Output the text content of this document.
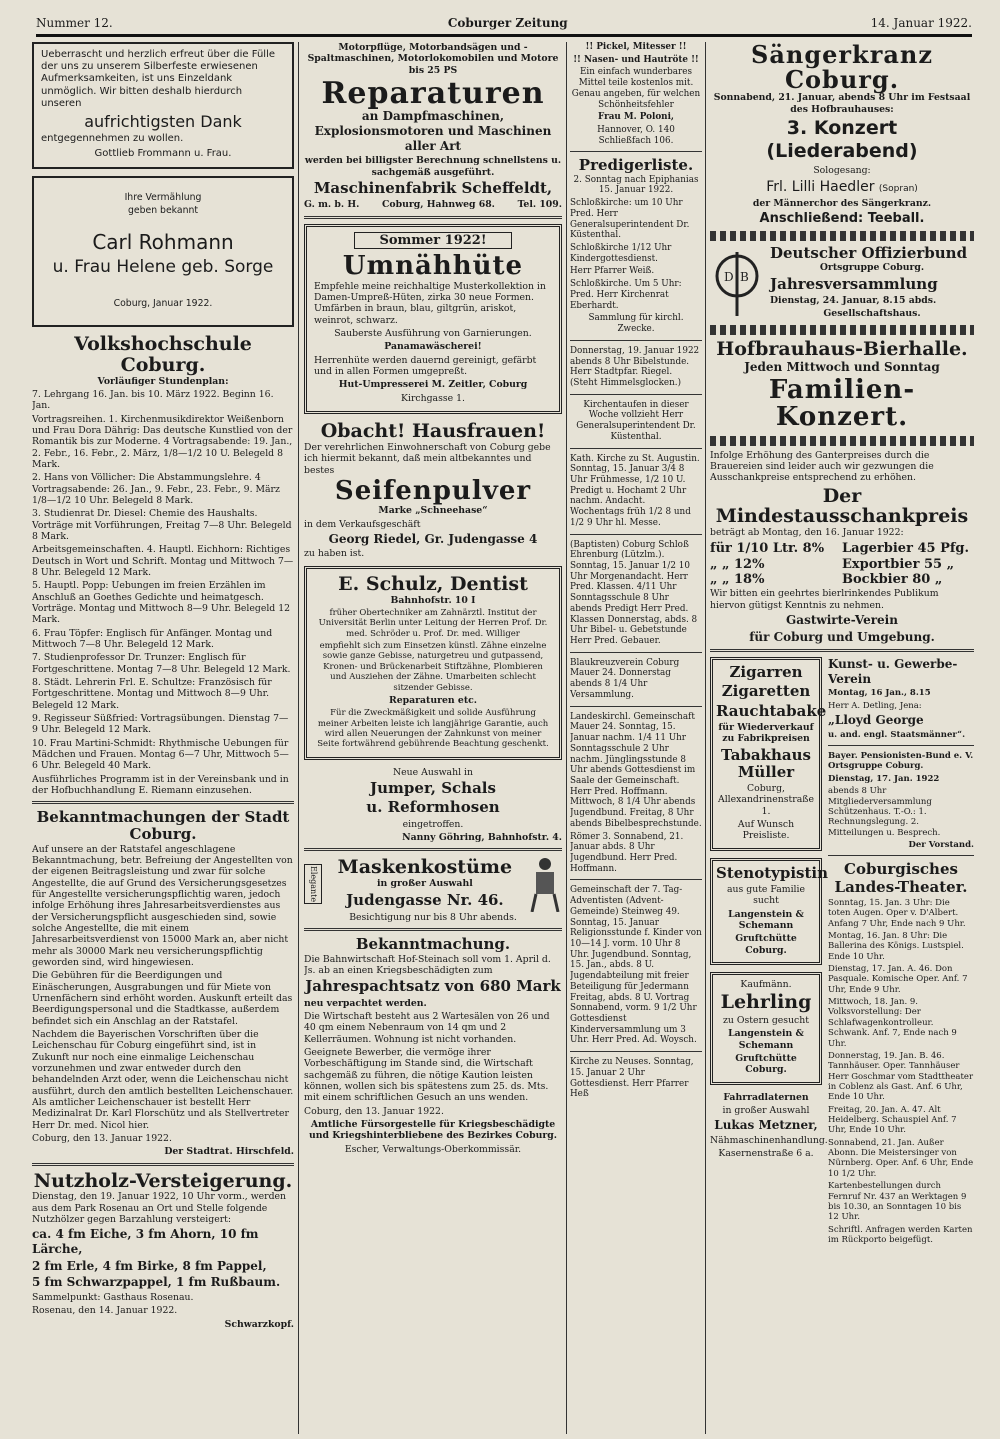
Nummer 12.	Coburger Zeitung	14. Januar 1922.

Ueberrascht und herzlich erfreut über die Fülle der uns zu unserem Silberfeste erwiesenen Aufmerksamkeiten, ist uns Einzeldank unmöglich. Wir bitten deshalb hierdurch unseren

aufrichtigsten Dank

entgegennehmen zu wollen.

Gottlieb Frommann u. Frau.

Ihre Vermählung

geben bekannt

Carl Rohmann

u. Frau Helene geb. Sorge

Coburg, Januar 1922.

Volkshochschule Coburg.

Vorläufiger Stundenplan:

7. Lehrgang 16. Jan. bis 10. März 1922. Beginn 16. Jan.

Vortragsreihen. 1. Kirchenmusikdirektor Weißenborn und Frau Dora Dährig: Das deutsche Kunstlied von der Romantik bis zur Moderne. 4 Vortragsabende: 19. Jan., 2. Febr., 16. Febr., 2. März, 1/8—1/2 10 U. Belegeld 8 Mark.

2. Hans von Völlicher: Die Abstammungslehre. 4 Vortragsabende: 26. Jan., 9. Febr., 23. Febr., 9. März 1/8—1/2 10 Uhr. Belegeld 8 Mark.

3. Studienrat Dr. Diesel: Chemie des Haushalts. Vorträge mit Vorführungen, Freitag 7—8 Uhr. Belegeld 8 Mark.

Arbeitsgemeinschaften. 4. Hauptl. Eichhorn: Richtiges Deutsch in Wort und Schrift. Montag und Mittwoch 7—8 Uhr. Belegeld 12 Mark.

5. Hauptl. Popp: Uebungen im freien Erzählen im Anschluß an Goethes Gedichte und heimatgesch. Vorträge. Montag und Mittwoch 8—9 Uhr. Belegeld 12 Mark.

6. Frau Töpfer: Englisch für Anfänger. Montag und Mittwoch 7—8 Uhr. Belegeld 12 Mark.

7. Studienprofessor Dr. Trunzer: Englisch für Fortgeschrittene. Montag 7—8 Uhr. Belegeld 12 Mark.

8. Städt. Lehrerin Frl. E. Schultze: Französisch für Fortgeschrittene. Montag und Mittwoch 8—9 Uhr. Belegeld 12 Mark.

9. Regisseur Süßfried: Vortragsübungen. Dienstag 7—9 Uhr. Belegeld 12 Mark.

10. Frau Martini-Schmidt: Rhythmische Uebungen für Mädchen und Frauen. Montag 6—7 Uhr, Mittwoch 5—6 Uhr. Belegeld 40 Mark.

Ausführliches Programm ist in der Vereinsbank und in der Hofbuchhandlung E. Riemann einzusehen.

Bekanntmachungen der Stadt Coburg.

Auf unsere an der Ratstafel angeschlagene Bekanntmachung, betr. Befreiung der Angestellten von der eigenen Beitragsleistung und zwar für solche Angestellte, die auf Grund des Versicherungsgesetzes für Angestellte versicherungspflichtig waren, jedoch infolge Erhöhung ihres Jahresarbeitsverdienstes aus der Versicherungspflicht ausgeschieden sind, sowie solche Angestellte, die mit einem Jahresarbeitsverdienst von 15000 Mark an, aber nicht mehr als 30000 Mark neu versicherungspflichtig geworden sind, wird hingewiesen.

Die Gebühren für die Beerdigungen und Einäscherungen, Ausgrabungen und für Miete von Urnenfächern sind erhöht worden. Auskunft erteilt das Beerdigungspersonal und die Stadtkasse, außerdem befindet sich ein Anschlag an der Ratstafel.

Nachdem die Bayerischen Vorschriften über die Leichenschau für Coburg eingeführt sind, ist in Zukunft nur noch eine einmalige Leichenschau vorzunehmen und zwar entweder durch den behandelnden Arzt oder, wenn die Leichenschau nicht ausführt, durch den amtlich bestellten Leichenschauer. Als amtlicher Leichenschauer ist bestellt Herr Medizinalrat Dr. Karl Florschütz und als Stellvertreter Herr Dr. med. Nicol hier.

Coburg, den 13. Januar 1922.

Der Stadtrat. Hirschfeld.

Nutzholz-Versteigerung.

Dienstag, den 19. Januar 1922, 10 Uhr vorm., werden aus dem Park Rosenau an Ort und Stelle folgende Nutzhölzer gegen Barzahlung versteigert:

ca. 4 fm Eiche, 3 fm Ahorn, 10 fm Lärche,

2 fm Erle, 4 fm Birke, 8 fm Pappel,

5 fm Schwarzpappel, 1 fm Rußbaum.

Sammelpunkt: Gasthaus Rosenau.

Rosenau, den 14. Januar 1922.

Schwarzkopf.

Motorpflüge, Motorbandsägen und -Spaltmaschinen, Motorlokomobilen und Motore bis 25 PS

Reparaturen

an Dampfmaschinen, Explosionsmotoren und Maschinen aller Art

werden bei billigster Berechnung schnellstens u. sachgemäß ausgeführt.

Maschinenfabrik Scheffeldt,

G. m. b. H. Coburg, Hahnweg 68. Tel. 109.

Sommer 1922!

Umnähhüte

Empfehle meine reichhaltige Musterkollektion in Damen-Umpreß-Hüten, zirka 30 neue Formen. Umfärben in braun, blau, giltgrün, ariskot, weinrot, schwarz.

Sauberste Ausführung von Garnierungen.

Panamawäscherei!

Herrenhüte werden dauernd gereinigt, gefärbt und in allen Formen umgepreßt.

Hut-Umpresserei M. Zeitler, Coburg

Kirchgasse 1.

Obacht! Hausfrauen!

Der verehrlichen Einwohnerschaft von Coburg gebe ich hiermit bekannt, daß mein altbekanntes und bestes

Seifenpulver

Marke „Schneehase“

in dem Verkaufsgeschäft

Georg Riedel, Gr. Judengasse 4

zu haben ist.

E. Schulz, Dentist

Bahnhofstr. 10 I

früher Obertechniker am Zahnärztl. Institut der Universität Berlin unter Leitung der Herren Prof. Dr. med. Schröder u. Prof. Dr. med. Williger

empfiehlt sich zum Einsetzen künstl. Zähne einzelne sowie ganze Gebisse, naturgetreu und gutpassend, Kronen- und Brückenarbeit Stiftzähne, Plombieren und Ausziehen der Zähne. Umarbeiten schlecht sitzender Gebisse.

Reparaturen etc.

Für die Zweckmäßigkeit und solide Ausführung meiner Arbeiten leiste ich langjährige Garantie, auch wird allen Neuerungen der Zahnkunst von meiner Seite fortwährend gebührende Beachtung geschenkt.

Neue Auswahl in

Jumper, Schals

u. Reformhosen

eingetroffen.

Nanny Göhring, Bahnhofstr. 4.

Elegante	Maskenkostüme

in großer Auswahl

Judengasse Nr. 46.

Besichtigung nur bis 8 Uhr abends.

Bekanntmachung.

Die Bahnwirtschaft Hof-Steinach soll vom 1. April d. Js. ab an einen Kriegsbeschädigten zum

Jahrespachtsatz von 680 Mark

neu verpachtet werden.

Die Wirtschaft besteht aus 2 Wartesälen von 26 und 40 qm einem Nebenraum von 14 qm und 2 Kellerräumen. Wohnung ist nicht vorhanden.

Geeignete Bewerber, die vermöge ihrer Vorbeschäftigung im Stande sind, die Wirtschaft sachgemäß zu führen, die nötige Kaution leisten können, wollen sich bis spätestens zum 25. ds. Mts. mit einem schriftlichen Gesuch an uns wenden.

Coburg, den 13. Januar 1922.

Amtliche Fürsorgestelle für Kriegsbeschädigte und Kriegshinterbliebene des Bezirkes Coburg.

Escher, Verwaltungs-Oberkommissär.

!! Pickel, Mitesser !!

!! Nasen- und Hautröte !!

Ein einfach wunderbares Mittel teile kostenlos mit. Genau angeben, für welchen Schönheitsfehler

Frau M. Poloni,

Hannover, O. 140 Schließfach 106.

Predigerliste.

2. Sonntag nach Epiphanias 15. Januar 1922.

Schloßkirche: um 10 Uhr Pred. Herr Generalsuperintendent Dr. Küstenthal.

Schloßkirche 1/12 Uhr Kindergottesdienst.

Herr Pfarrer Weiß.

Schloßkirche. Um 5 Uhr: Pred. Herr Kirchenrat Eberhardt.

Sammlung für kirchl. Zwecke.

Donnerstag, 19. Januar 1922 abends 8 Uhr Bibelstunde. Herr Stadtpfar. Riegel. (Steht Himmelsglocken.)

Kirchentaufen in dieser Woche vollzieht Herr Generalsuperintendent Dr. Küstenthal.

Kath. Kirche zu St. Augustin. Sonntag, 15. Januar 3/4 8 Uhr Frühmesse, 1/2 10 U. Predigt u. Hochamt 2 Uhr nachm. Andacht. Wochentags früh 1/2 8 und 1/2 9 Uhr hl. Messe.

(Baptisten) Coburg Schloß Ehrenburg (Lützlm.). Sonntag, 15. Januar 1/2 10 Uhr Morgenandacht. Herr Pred. Klassen. 4/11 Uhr Sonntagsschule 8 Uhr abends Predigt Herr Pred. Klassen Donnerstag, abds. 8 Uhr Bibel- u. Gebetstunde Herr Pred. Gebauer.

Blaukreuzverein Coburg Mauer 24. Donnerstag abends 8 1/4 Uhr Versammlung.

Landeskirchl. Gemeinschaft Mauer 24. Sonntag, 15. Januar nachm. 1/4 11 Uhr Sonntagsschule 2 Uhr nachm. Jünglingsstunde 8 Uhr abends Gottesdienst im Saale der Gemeinschaft. Herr Pred. Hoffmann. Mittwoch, 8 1/4 Uhr abends Jugendbund. Freitag, 8 Uhr abends Bibelbesprechstunde.

Römer 3. Sonnabend, 21. Januar abds. 8 Uhr Jugendbund. Herr Pred. Hoffmann.

Gemeinschaft der 7. Tag-Adventisten (Advent-Gemeinde) Steinweg 49. Sonntag, 15. Januar Religionsstunde f. Kinder von 10—14 J. vorm. 10 Uhr 8 Uhr. Jugendbund. Sonntag, 15. Jan., abds. 8 U. Jugendabteilung mit freier Beteiligung für Jedermann Freitag, abds. 8 U. Vortrag Sonnabend, vorm. 9 1/2 Uhr Gottesdienst Kinderversammlung um 3 Uhr. Herr Pred. Ad. Woysch.

Kirche zu Neuses. Sonntag, 15. Januar 2 Uhr Gottesdienst. Herr Pfarrer Heß

Sängerkranz Coburg.

Sonnabend, 21. Januar, abends 8 Uhr im Festsaal des Hofbrauhauses:

3. Konzert (Liederabend)

Sologesang:

Frl. Lilli Haedler (Sopran)

der Männerchor des Sängerkranz.

Anschließend: Teeball.

D B
Deutscher Offizierbund

Ortsgruppe Coburg.

Jahresversammlung

Dienstag, 24. Januar, 8.15 abds.

Gesellschaftshaus.

Hofbrauhaus-Bierhalle.

Jeden Mittwoch und Sonntag

Familien-Konzert.

Infolge Erhöhung des Ganterpreises durch die Brauereien sind leider auch wir gezwungen die Ausschankpreise entsprechend zu erhöhen.

Der Mindestausschankpreis

beträgt ab Montag, den 16. Januar 1922:

für 1/10 Ltr. 8%	Lagerbier 45 Pfg.
„ „ 12%	Exportbier 55 „
„ „ 18%	Bockbier 80 „

Wir bitten ein geehrtes bierlrinkendes Publikum hiervon gütigst Kenntnis zu nehmen.

Gastwirte-Verein

für Coburg und Umgebung.

Zigarren

Zigaretten

Rauchtabake

für Wiederverkauf zu Fabrikpreisen

Tabakhaus Müller

Coburg, Allexandrinenstraße 1.

Auf Wunsch Preisliste.

Stenotypistin

aus gute Familie sucht

Langenstein & Schemann

Gruftchütte Coburg.

Kaufmänn.

Lehrling

zu Ostern gesucht

Langenstein & Schemann

Gruftchütte Coburg.

Fahrradlaternen

in großer Auswahl

Lukas Metzner,

Nähmaschinenhandlung.

Kasernenstraße 6 a.

Kunst- u. Gewerbe-Verein

Montag, 16 Jan., 8.15

Herr A. Detling, Jena:

„Lloyd George

u. and. engl. Staatsmänner“.

Bayer. Pensionisten-Bund e. V. Ortsgruppe Coburg.

Dienstag, 17. Jan. 1922

abends 8 Uhr Mitgliederversammlung Schützenhaus. T.-O.: 1. Rechnungslegung. 2. Mitteilungen u. Besprech.

Der Vorstand.

Coburgisches Landes-Theater.

Sonntag, 15. Jan. 3 Uhr: Die toten Augen. Oper v. D'Albert. Anfang 7 Uhr, Ende nach 9 Uhr.

Montag, 16. Jan. 8 Uhr: Die Ballerina des Königs. Lustspiel. Ende 10 Uhr.

Dienstag, 17. Jan. A. 46. Don Pasquale. Komische Oper. Anf. 7 Uhr, Ende 9 Uhr.

Mittwoch, 18. Jan. 9. Volksvorstellung: Der Schlafwagenkontrolleur. Schwank. Anf. 7, Ende nach 9 Uhr.

Donnerstag, 19. Jan. B. 46. Tannhäuser. Oper. Tannhäuser Herr Goschmar vom Stadttheater in Coblenz als Gast. Anf. 6 Uhr, Ende 10 Uhr.

Freitag, 20. Jan. A. 47. Alt Heidelberg. Schauspiel Anf. 7 Uhr, Ende 10 Uhr.

Sonnabend, 21. Jan. Außer Abonn. Die Meistersinger von Nürnberg. Oper. Anf. 6 Uhr, Ende 10 1/2 Uhr.

Kartenbestellungen durch Fernruf Nr. 437 an Werktagen 9 bis 10.30, an Sonntagen 10 bis 12 Uhr.

Schriftl. Anfragen werden Karten im Rückporto beigefügt.
